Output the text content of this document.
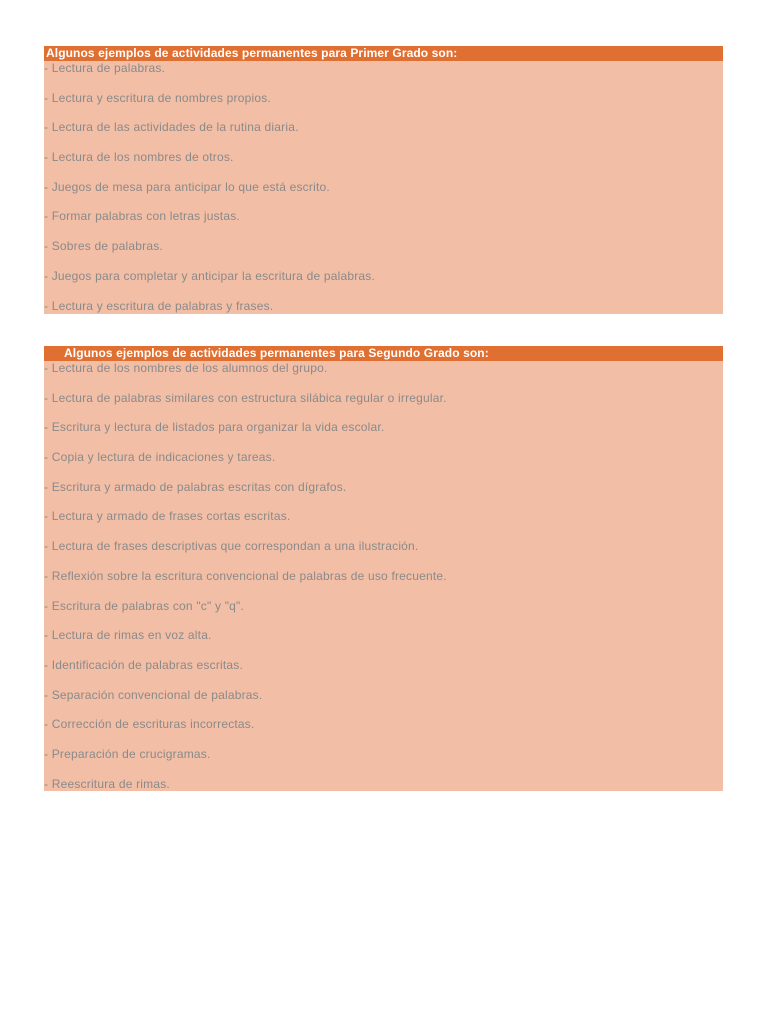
Algunos ejemplos de actividades permanentes para Primer Grado son:
- Lectura de palabras.
- Lectura y escritura de nombres propios.
- Lectura de las actividades de la rutina diaria.
- Lectura de los nombres de otros.
- Juegos de mesa para anticipar lo que está escrito.
- Formar palabras con letras justas.
- Sobres de palabras.
- Juegos para completar y anticipar la escritura de palabras.
- Lectura y escritura de palabras y frases.
Algunos ejemplos de actividades permanentes para Segundo Grado son:
- Lectura de los nombres de los alumnos del grupo.
- Lectura de palabras similares con estructura silábica regular o irregular.
- Escritura y lectura de listados para organizar la vida escolar.
- Copia y lectura de indicaciones y tareas.
- Escritura y armado de palabras escritas con dígrafos.
- Lectura y armado de frases cortas escritas.
- Lectura de frases descriptivas que correspondan a una ilustración.
- Reflexión sobre la escritura convencional de palabras de uso frecuente.
- Escritura de palabras con "c" y "q".
- Lectura de rimas en voz alta.
- Identificación de palabras escritas.
- Separación convencional de palabras.
- Corrección de escrituras incorrectas.
- Preparación de crucigramas.
- Reescritura de rimas.
